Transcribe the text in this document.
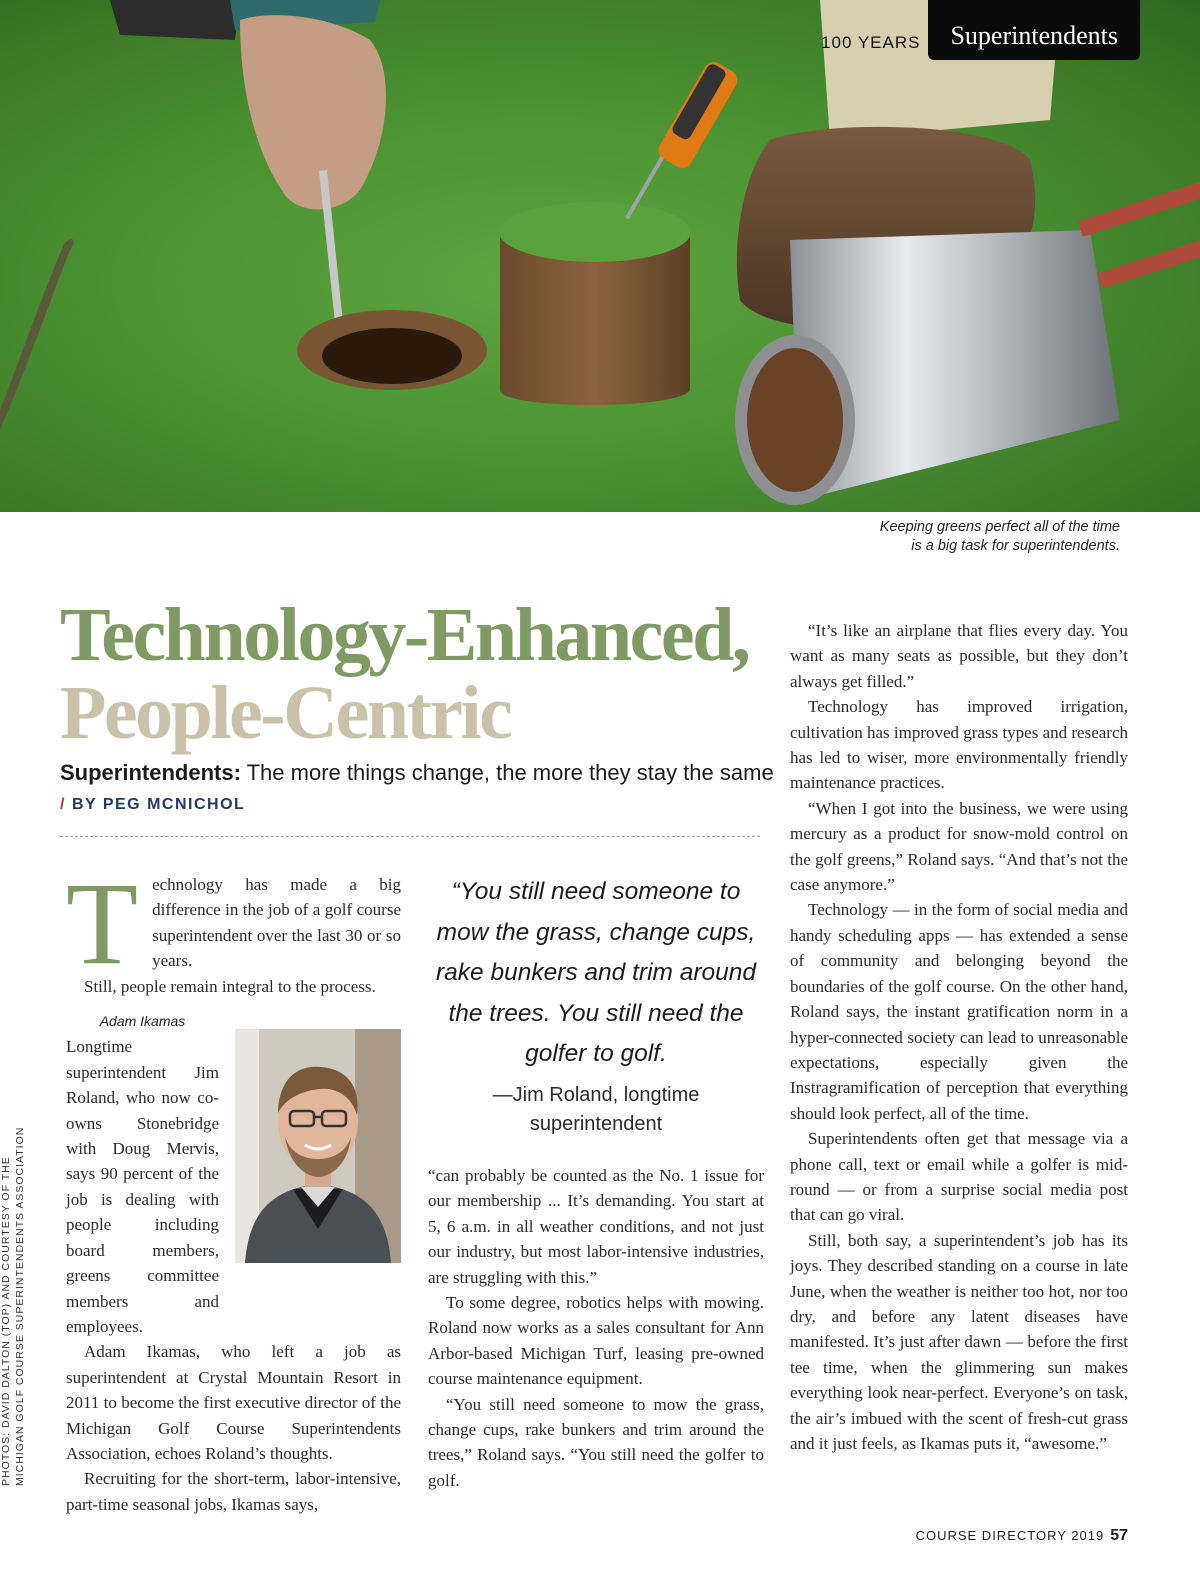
100 YEARS	Superintendents
Keeping greens perfect all of the time
is a big task for superintendents.
Technology-Enhanced,
People-Centric
Superintendents: The more things change, the more they stay the same
/ BY PEG MCNICHOL

Technology has made a big difference in the job of a golf course superintendent over the last 30 or so years.

Still, people remain integral to the process.

Adam Ikamas
Longtime superintendent Jim Roland, who now co-owns Stonebridge with Doug Mervis, says 90 percent of the job is dealing with people including board members, greens committee members and employees.

Adam Ikamas, who left a job as superintendent at Crystal Mountain Resort in 2011 to become the first executive director of the Michigan Golf Course Superintendents Association, echoes Roland’s thoughts.

Recruiting for the short-term, labor-intensive, part-time seasonal jobs, Ikamas says,

“You still need someone to mow the grass, change cups, rake bunkers and trim around the trees. You still need the golfer to golf.
—Jim Roland, longtime superintendent

“can probably be counted as the No. 1 issue for our membership ... It’s demanding. You start at 5, 6 a.m. in all weather conditions, and not just our industry, but most labor-intensive industries, are struggling with this.”

To some degree, robotics helps with mowing. Roland now works as a sales consultant for Ann Arbor-based Michigan Turf, leasing pre-owned course maintenance equipment.

“You still need someone to mow the grass, change cups, rake bunkers and trim around the trees,” Roland says. “You still need the golfer to golf.

“It’s like an airplane that flies every day. You want as many seats as possible, but they don’t always get filled.”

Technology has improved irrigation, cultivation has improved grass types and research has led to wiser, more environmentally friendly maintenance practices.

“When I got into the business, we were using mercury as a product for snow-mold control on the golf greens,” Roland says. “And that’s not the case anymore.”

Technology — in the form of social media and handy scheduling apps — has extended a sense of community and belonging beyond the boundaries of the golf course. On the other hand, Roland says, the instant gratification norm in a hyper-connected society can lead to unreasonable expectations, especially given the Instragramification of perception that everything should look perfect, all of the time.

Superintendents often get that message via a phone call, text or email while a golfer is mid-round — or from a surprise social media post that can go viral.

Still, both say, a superintendent’s job has its joys. They described standing on a course in late June, when the weather is neither too hot, nor too dry, and before any latent diseases have manifested. It’s just after dawn — before the first tee time, when the glimmering sun makes everything look near-perfect. Everyone’s on task, the air’s imbued with the scent of fresh-cut grass and it just feels, as Ikamas puts it, “awesome.”

PHOTOS: DAVID DALTON (TOP) AND COURTESY OF THE MICHIGAN GOLF COURSE SUPERINTENDENTS ASSOCIATION
COURSE DIRECTORY 2019 57
